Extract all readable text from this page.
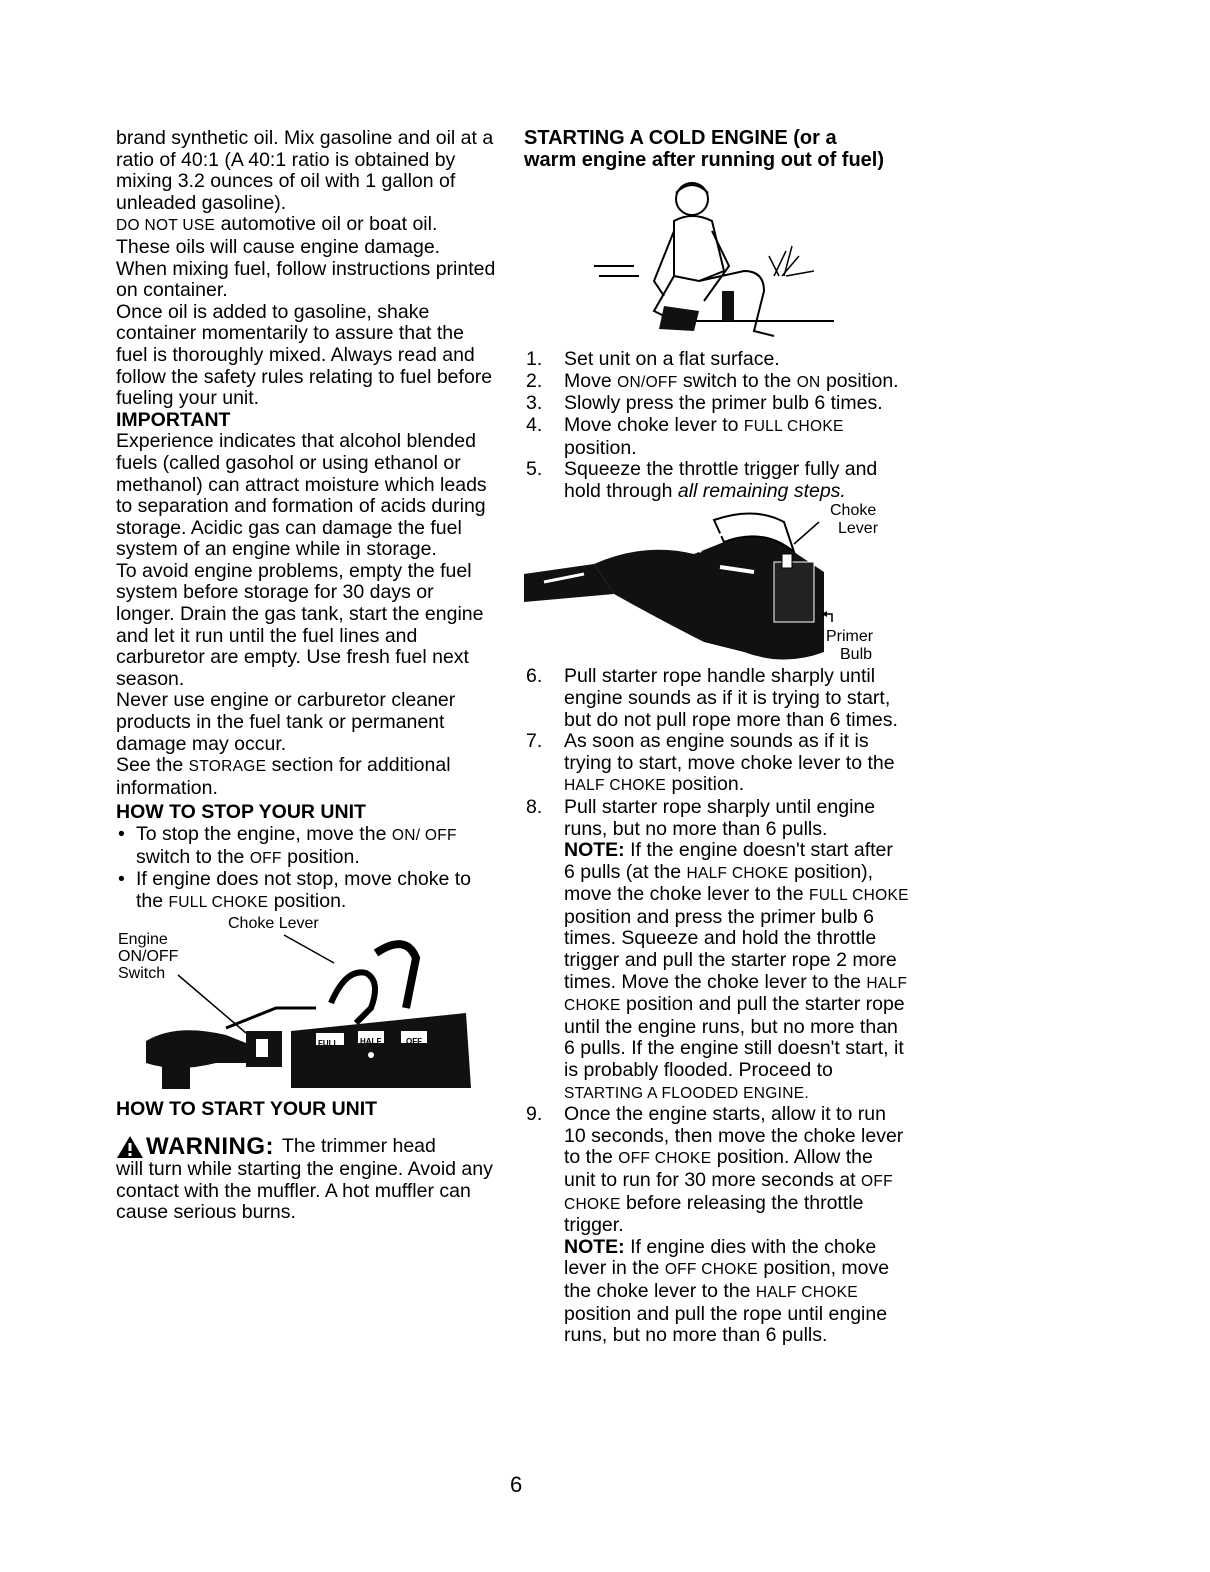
brand synthetic oil. Mix gasoline and oil at a ratio of 40:1 (A 40:1 ratio is obtained by mixing 3.2 ounces of oil with 1 gallon of unleaded gasoline).

DO NOT USE automotive oil or boat oil. These oils will cause engine damage. When mixing fuel, follow instructions printed on container.

Once oil is added to gasoline, shake container momentarily to assure that the fuel is thoroughly mixed. Always read and follow the safety rules relating to fuel before fueling your unit.

IMPORTANT

Experience indicates that alcohol blended fuels (called gasohol or using ethanol or methanol) can attract moisture which leads to separation and formation of acids during storage. Acidic gas can damage the fuel system of an engine while in storage.

To avoid engine problems, empty the fuel system before storage for 30 days or longer. Drain the gas tank, start the engine and let it run until the fuel lines and carburetor are empty. Use fresh fuel next season.

Never use engine or carburetor cleaner products in the fuel tank or permanent damage may occur.

See the STORAGE section for additional information.

HOW TO STOP YOUR UNIT

• To stop the engine, move the ON/ OFF switch to the OFF position.
• If engine does not stop, move choke to the FULL CHOKE position.
Choke Lever
Engine
ON/OFF
Switch
FULL	HALF	OFF

HOW TO START YOUR UNIT

WARNING: The trimmer head

will turn while starting the engine. Avoid any contact with the muffler. A hot muffler can cause serious burns.

STARTING A COLD ENGINE (or a

warm engine after running out of fuel)

1. Set unit on a flat surface.
2. Move ON/OFF switch to the ON position.
3. Slowly press the primer bulb 6 times.
4. Move choke lever to FULL CHOKE position.
5. Squeeze the throttle trigger fully and hold through all remaining steps.
Choke
Lever
Primer
Bulb
6. Pull starter rope handle sharply until engine sounds as if it is trying to start, but do not pull rope more than 6 times.
7. As soon as engine sounds as if it is trying to start, move choke lever to the HALF CHOKE position.
8. Pull starter rope sharply until engine runs, but no more than 6 pulls.
NOTE: If the engine doesn't start after 6 pulls (at the HALF CHOKE position), move the choke lever to the FULL CHOKE position and press the primer bulb 6 times. Squeeze and hold the throttle trigger and pull the starter rope 2 more times. Move the choke lever to the HALF CHOKE position and pull the starter rope until the engine runs, but no more than 6 pulls. If the engine still doesn't start, it is probably flooded. Proceed to STARTING A FLOODED ENGINE.
9. Once the engine starts, allow it to run 10 seconds, then move the choke lever to the OFF CHOKE position. Allow the unit to run for 30 more seconds at OFF CHOKE before releasing the throttle trigger.
NOTE: If engine dies with the choke lever in the OFF CHOKE position, move the choke lever to the HALF CHOKE position and pull the rope until engine runs, but no more than 6 pulls.
6
